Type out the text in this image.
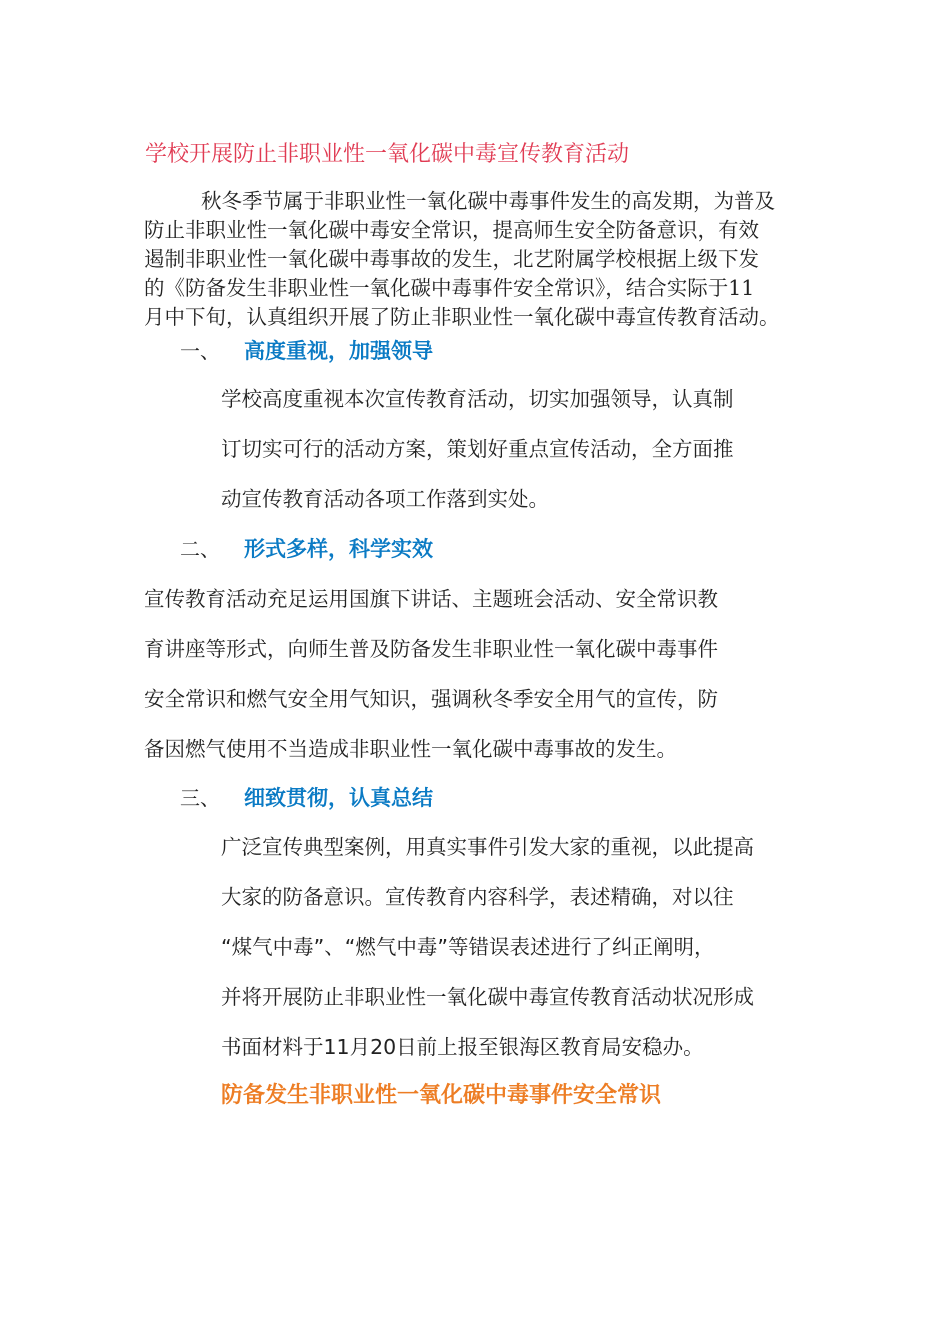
学校开展防止非职业性一氧化碳中毒宣传教育活动
秋冬季节属于非职业性一氧化碳中毒事件发生的高发期，为普及
防止非职业性一氧化碳中毒安全常识，提高师生安全防备意识，有效
遏制非职业性一氧化碳中毒事故的发生，北艺附属学校根据上级下发
的《防备发生非职业性一氧化碳中毒事件安全常识》，结合实际于11
月中下旬，认真组织开展了防止非职业性一氧化碳中毒宣传教育活动。
一、 高度重视，加强领导
学校高度重视本次宣传教育活动，切实加强领导，认真制
订切实可行的活动方案，策划好重点宣传活动，全方面推
动宣传教育活动各项工作落到实处。
二、 形式多样，科学实效
宣传教育活动充足运用国旗下讲话、主题班会活动、安全常识教
育讲座等形式，向师生普及防备发生非职业性一氧化碳中毒事件
安全常识和燃气安全用气知识，强调秋冬季安全用气的宣传，防
备因燃气使用不当造成非职业性一氧化碳中毒事故的发生。
三、 细致贯彻，认真总结
广泛宣传典型案例，用真实事件引发大家的重视，以此提高
大家的防备意识。宣传教育内容科学，表述精确，对以往
“煤气中毒”、“燃气中毒”等错误表述进行了纠正阐明，
并将开展防止非职业性一氧化碳中毒宣传教育活动状况形成
书面材料于11月20日前上报至银海区教育局安稳办。
防备发生非职业性一氧化碳中毒事件安全常识
